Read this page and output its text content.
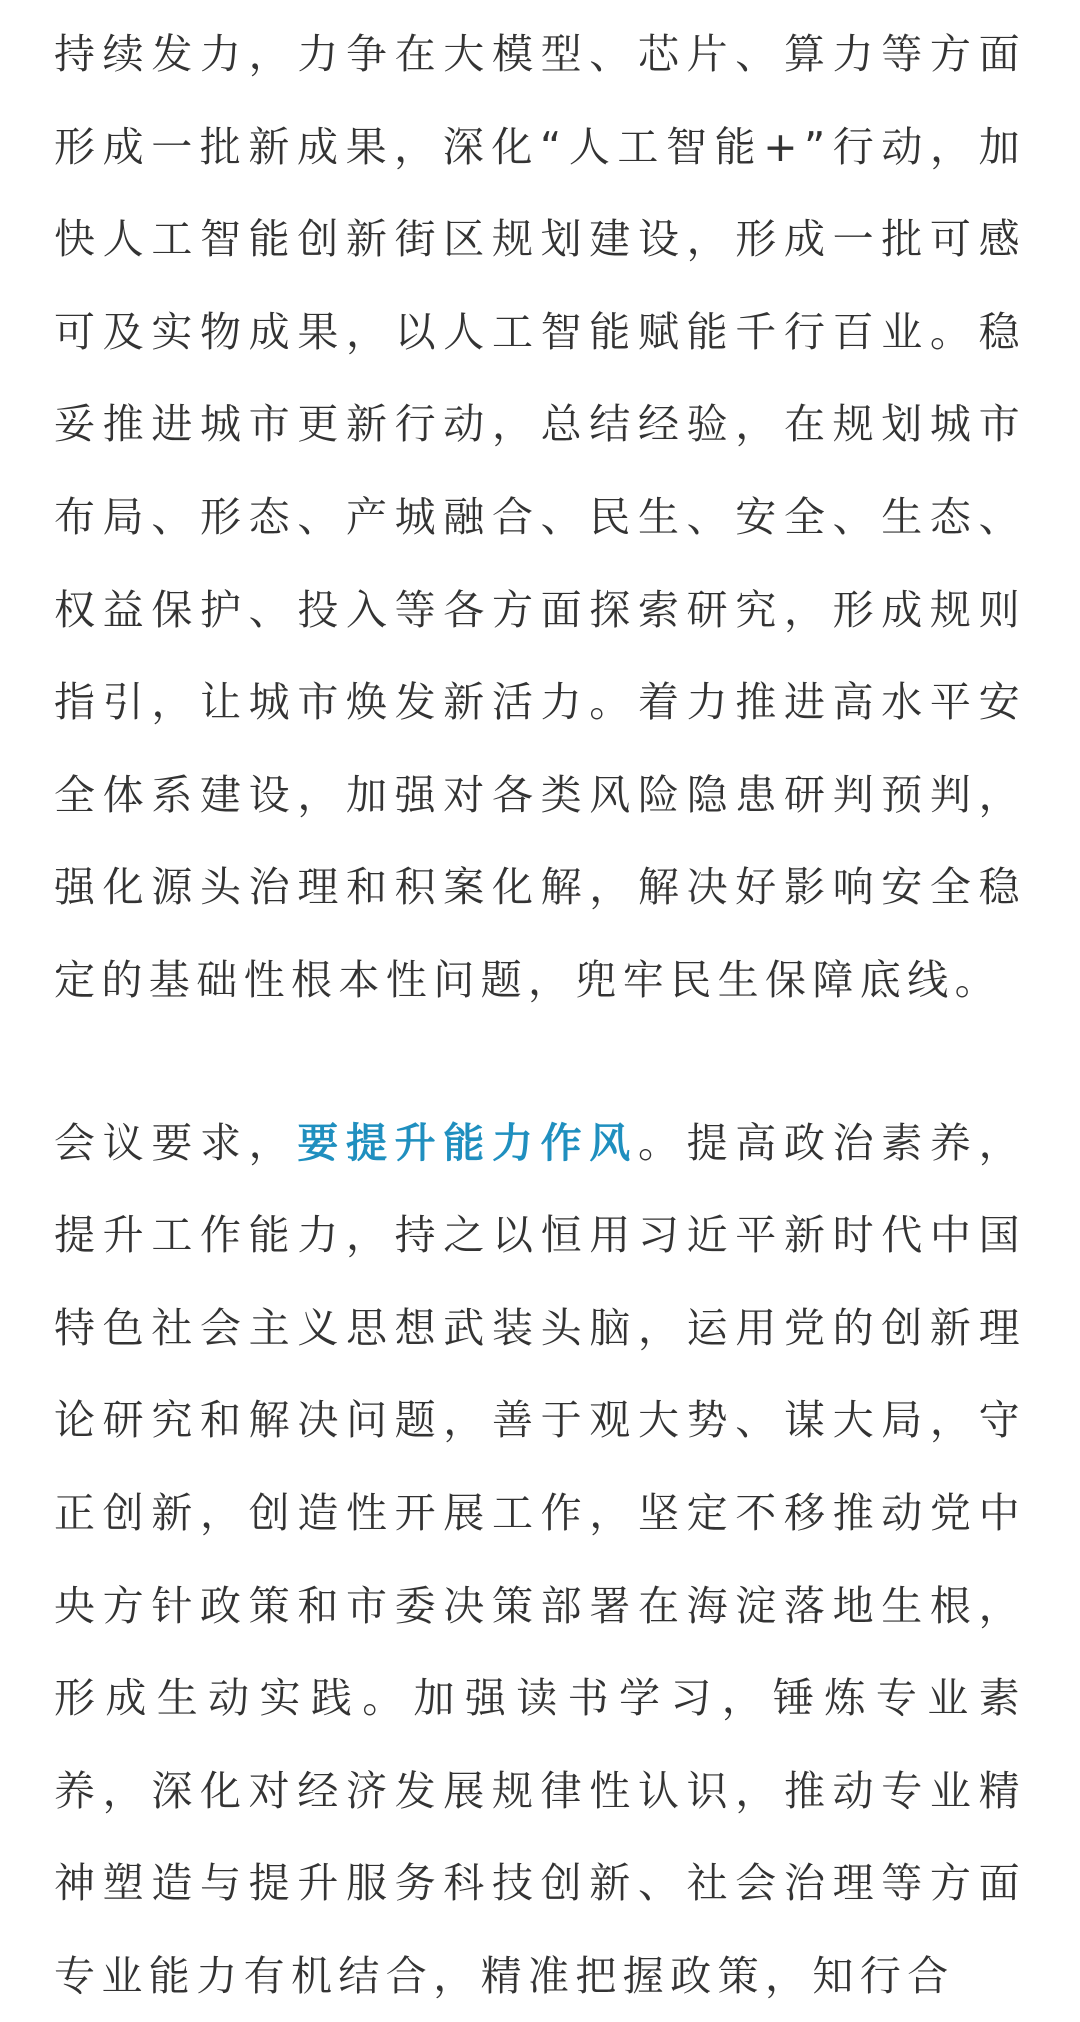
持续发力，力争在大模型、芯片、算力等方面形成一批新成果，深化“人工智能+”行动，加快人工智能创新街区规划建设，形成一批可感可及实物成果，以人工智能赋能千行百业。稳妥推进城市更新行动，总结经验，在规划城市布局、形态、产城融合、民生、安全、生态、权益保护、投入等各方面探索研究，形成规则指引，让城市焕发新活力。着力推进高水平安全体系建设，加强对各类风险隐患研判预判，强化源头治理和积案化解，解决好影响安全稳定的基础性根本性问题，兜牢民生保障底线。

会议要求，要提升能力作风。提高政治素养，提升工作能力，持之以恒用习近平新时代中国特色社会主义思想武装头脑，运用党的创新理论研究和解决问题，善于观大势、谋大局，守正创新，创造性开展工作，坚定不移推动党中央方针政策和市委决策部署在海淀落地生根，形成生动实践。加强读书学习，锤炼专业素养，深化对经济发展规律性认识，推动专业精神塑造与提升服务科技创新、社会治理等方面专业能力有机结合，精准把握政策，知行合
